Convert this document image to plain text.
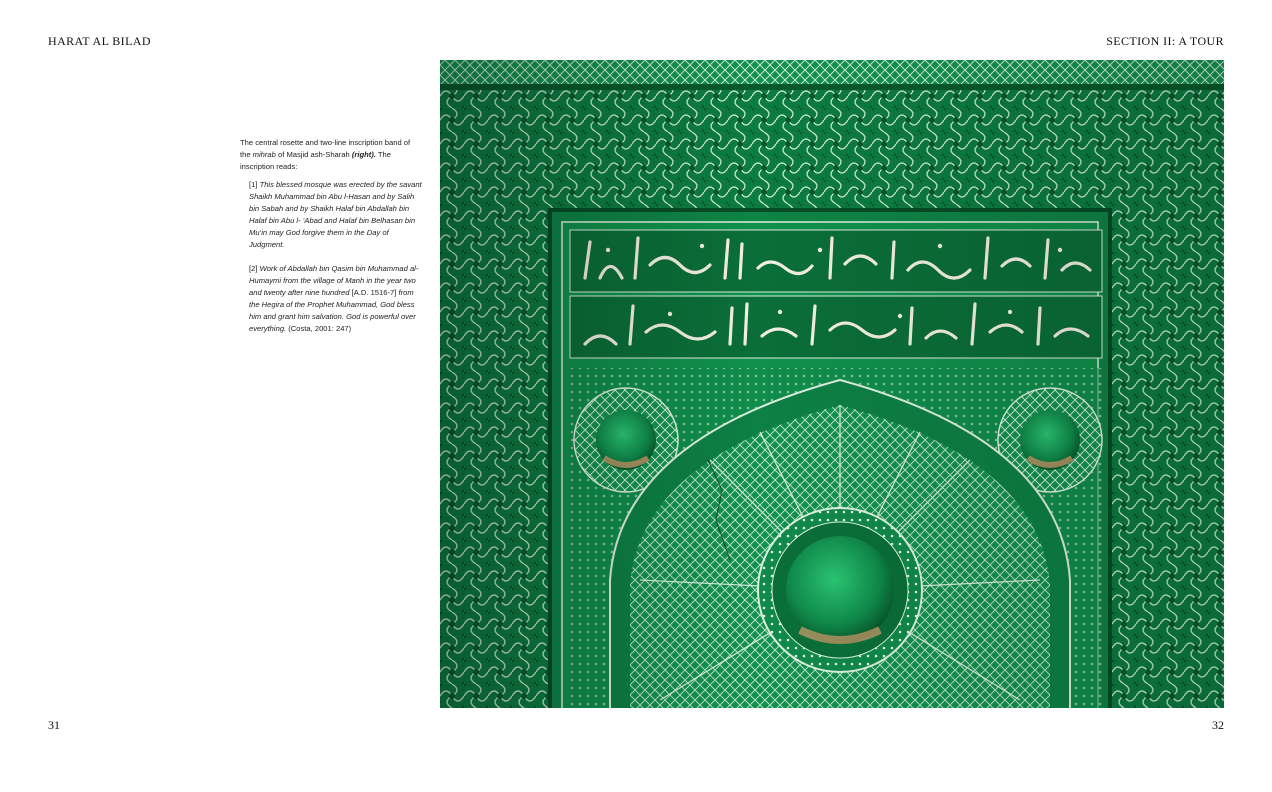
HARAT AL BILAD	SECTION II: A TOUR

The central rosette and two-line inscription band of the mihrab of Masjid ash-Sharah (right). The inscription reads:

[1] This blessed mosque was erected by the savant Shaikh Muhammad bin Abu l-Hasan and by Salih bin Sabah and by Shaikh Halaf bin Abdallah bin Halaf bin Abu l- ‘Abad and Halaf bin Belhasan bin Mu‘in may God forgive them in the Day of Judgment.

[2] Work of Abdallah bin Qasim bin Muhammad al-Humaymi from the village of Manh in the year two and twenty after nine hundred [A.D. 1516-7] from the Hegira of the Prophet Muhammad, God bless him and grant him salvation. God is powerful over everything. (Costa, 2001: 247)

31	32
